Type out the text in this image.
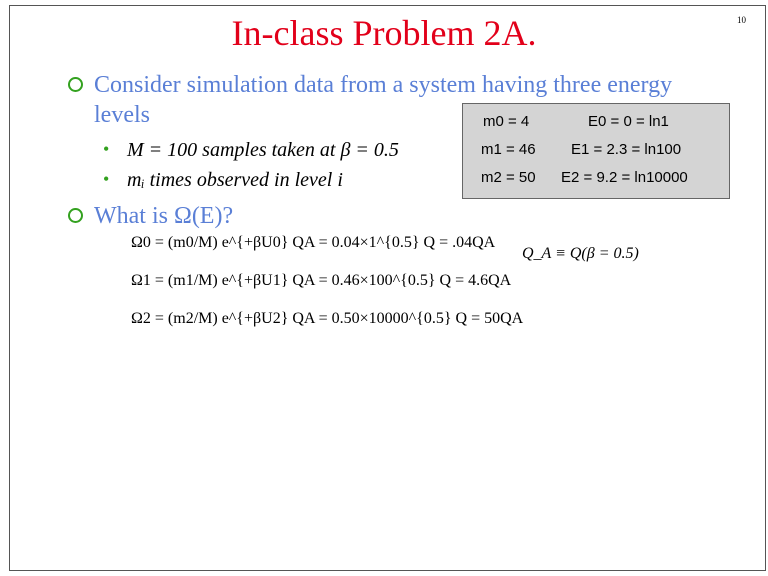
In-class Problem 2A.	10
Consider simulation data from a system having three energy
levels
• M = 100 samples taken at β = 0.5
• mᵢ times observed in level i
What is Ω(E)?
m0 = 4	E0 = 0 = ln1
m1 = 46 E1 = 2.3 = ln100
m2 = 50 E2 = 9.2 = ln10000
Ω0 = (m0/M) e^{+βU0} QA = 0.04×1^{0.5} Q = .04QA
Ω1 = (m1/M) e^{+βU1} QA = 0.46×100^{0.5} Q = 4.6QA
Ω2 = (m2/M) e^{+βU2} QA = 0.50×10000^{0.5} Q = 50QA
Q_A ≡ Q(β = 0.5)
